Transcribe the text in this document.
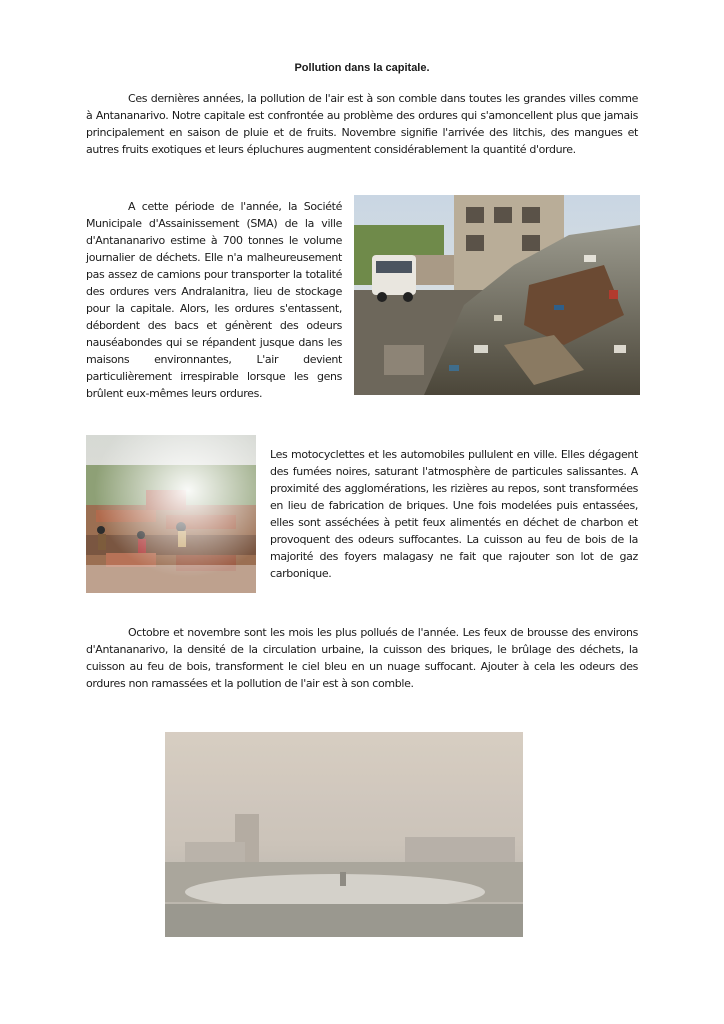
Pollution dans la capitale.
Ces dernières années, la pollution de l'air est à son comble dans toutes les grandes villes comme à Antananarivo. Notre capitale est confrontée au problème des ordures qui s'amoncellent plus que jamais principalement en saison de pluie et de fruits. Novembre signifie l'arrivée des litchis, des mangues et autres fruits exotiques et leurs épluchures augmentent considérablement la quantité d'ordure.
A cette période de l'année, la Société Municipale d'Assainissement (SMA) de la ville d'Antananarivo estime à 700 tonnes le volume journalier de déchets. Elle n'a malheureusement pas assez de camions pour transporter la totalité des ordures vers Andralanitra, lieu de stockage pour la capitale. Alors, les ordures s'entassent, débordent des bacs et génèrent des odeurs nauséabondes qui se répandent jusque dans les maisons environnantes, L'air devient particulièrement irrespirable lorsque les gens brûlent eux-mêmes leurs ordures.
Les motocyclettes et les automobiles pullulent en ville. Elles dégagent des fumées noires, saturant l'atmosphère de particules salissantes. A proximité des agglomérations, les rizières au repos, sont transformées en lieu de fabrication de briques. Une fois modelées puis entassées, elles sont asséchées à petit feux alimentés en déchet de charbon et provoquent des odeurs suffocantes. La cuisson au feu de bois de la majorité des foyers malagasy ne fait que rajouter son lot de gaz carbonique.
Octobre et novembre sont les mois les plus pollués de l'année. Les feux de brousse des environs d'Antananarivo, la densité de la circulation urbaine, la cuisson des briques, le brûlage des déchets, la cuisson au feu de bois, transforment le ciel bleu en un nuage suffocant. Ajouter à cela les odeurs des ordures non ramassées et la pollution de l'air est à son comble.
